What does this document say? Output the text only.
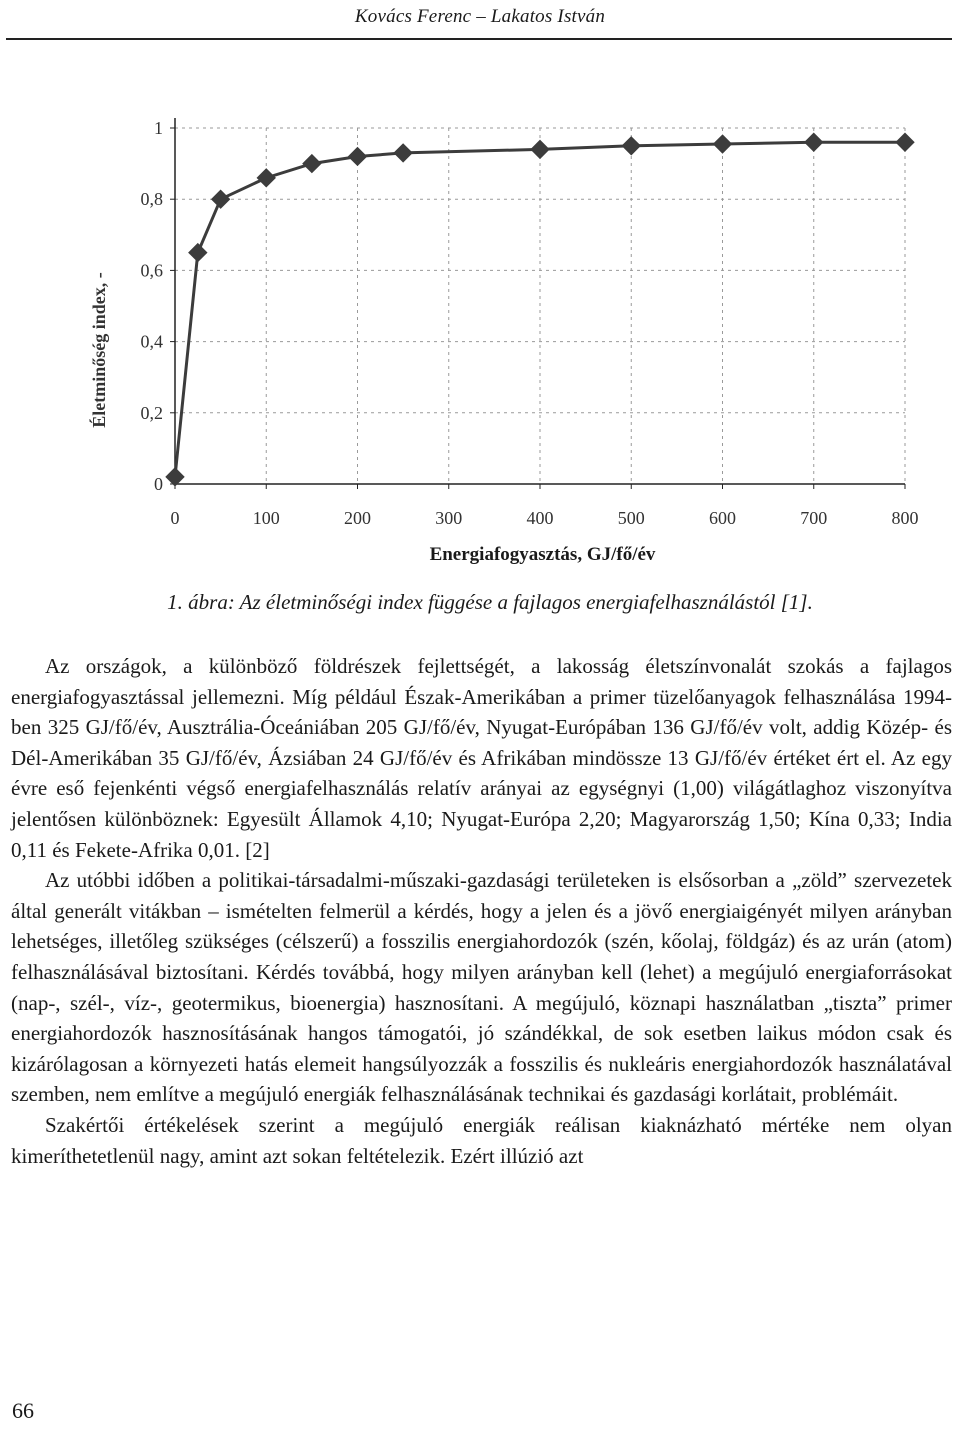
Kovács Ferenc – Lakatos István
0	100	200	300	400	500	600	700	800
0
0,2
0,4
0,6
0,8
1
Életminőség index, -
Energiafogyasztás, GJ/fő/év
1. ábra: Az életminőségi index függése a fajlagos energiafelhasználástól [1].

Az országok, a különböző földrészek fejlettségét, a lakosság életszínvonalát szokás a fajlagos energiafogyasztással jellemezni. Míg például Észak-Amerikában a primer tüzelőanyagok felhasználása 1994-ben 325 GJ/fő/év, Ausztrália-Óceániában 205 GJ/fő/év, Nyugat-Európában 136 GJ/fő/év volt, addig Közép- és Dél-Amerikában 35 GJ/fő/év, Ázsiában 24 GJ/fő/év és Afrikában mindössze 13 GJ/fő/év értéket ért el. Az egy évre eső fejenkénti végső energiafelhasználás relatív arányai az egységnyi (1,00) világátlaghoz viszonyítva jelentősen különböznek: Egyesült Államok 4,10; Nyugat-Európa 2,20; Magyarország 1,50; Kína 0,33; India 0,11 és Fekete-Afrika 0,01. [2]

Az utóbbi időben a politikai-társadalmi-műszaki-gazdasági területeken is elsősorban a „zöld” szervezetek által generált vitákban – ismételten felmerül a kérdés, hogy a jelen és a jövő energiaigényét milyen arányban lehetséges, illetőleg szükséges (célszerű) a fosszilis energiahordozók (szén, kőolaj, földgáz) és az urán (atom) felhasználásával biztosítani. Kérdés továbbá, hogy milyen arányban kell (lehet) a megújuló energiaforrásokat (nap-, szél-, víz-, geotermikus, bioenergia) hasznosítani. A megújuló, köznapi használatban „tiszta” primer energiahordozók hasznosításának hangos támogatói, jó szándékkal, de sok esetben laikus módon csak és kizárólagosan a környezeti hatás elemeit hangsúlyozzák a fosszilis és nukleáris energiahordozók használatával szemben, nem említve a megújuló energiák felhasználásának technikai és gazdasági korlátait, problémáit.

Szakértői értékelések szerint a megújuló energiák reálisan kiaknázható mértéke nem olyan kimeríthetetlenül nagy, amint azt sokan feltételezik. Ezért illúzió azt

66
